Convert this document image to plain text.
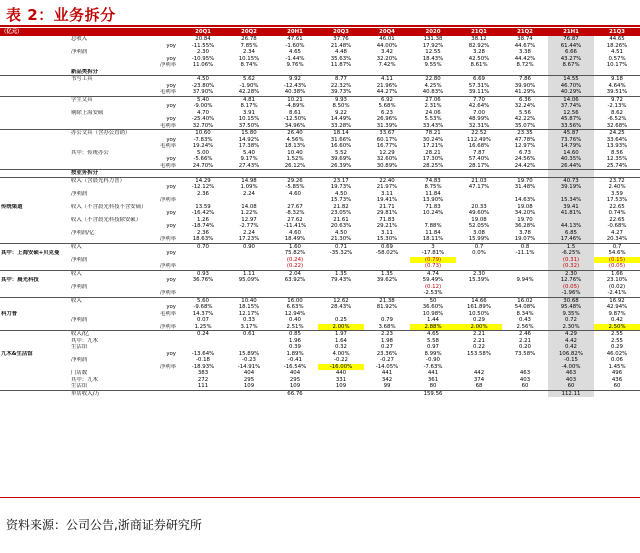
表 2：业务拆分
（亿元）		20Q1	20Q2	20H1	20Q3	20Q4	2020	21Q1	21Q2	21H1	21Q3
	总收入	20.84	26.78	47.61	37.76	46.01	131.38	38.12	38.74	76.87	44.65
	yoy	-11.55%	7.85%	-1.60%	21.48%	44.00%	17.92%	82.92%	44.67%	61.44%	18.26%
	净利润	2.30	2.34	4.65	4.48	3.42	12.55	3.28	3.38	6.66	4.51
	yoy	-10.95%	10.15%	-1.44%	35.63%	32.20%	18.43%	42.50%	44.42%	43.27%	0.57%
	净利率	11.06%	8.74%	9.76%	11.87%	7.42%	9.55%	8.61%	8.72%	8.67%	10.17%
	新品类拆分										
	书写工具	4.50	5.62	9.92	8.77	4.11	22.80	6.69	7.86	14.55	9.18
	yoy	-23.80%	-1.90%	-12.43%	22.32%	21.96%	4.25%	57.31%	39.90%	46.70%	4.64%
	毛利率	37.90%	42.28%	40.38%	39.73%	44.27%	40.83%	39.11%	41.29%	40.29%	39.51%
	学生文具	5.40	4.81	10.21	9.93	6.92	27.06	7.70	6.36	14.06	9.72
	yoy	-9.00%	8.17%	-4.89%	8.50%	5.68%	2.31%	42.64%	32.24%	37.74%	-2.13%
	剔除上海安硕	4.70	3.91	8.61	9.22	6.23	24.06	7.00	5.56	12.56	8.62
	yoy	-25.40%	10.15%	-12.50%	14.49%	26.96%	5.53%	48.99%	42.22%	45.87%	-6.52%
	毛利率	32.70%	37.50%	34.96%	33.28%	31.39%	33.43%	32.31%	35.07%	33.56%	32.68%
	办公文具（含办公直销）	10.60	15.80	26.40	18.14	33.67	78.21	22.52	23.35	45.87	24.25
	yoy	-7.83%	14.92%	4.56%	31.66%	60.17%	30.24%	112.49%	47.78%	73.76%	33.64%
	毛利率	19.24%	17.38%	18.13%	16.60%	16.77%	17.21%	16.68%	12.97%	14.79%	13.93%
	其中：传统办公	5.00	5.40	10.40	5.52	12.29	28.21	7.87	6.73	14.60	8.56
	yoy	-5.66%	9.17%	1.52%	39.69%	32.60%	17.30%	57.40%	24.56%	40.35%	12.35%
	毛利率	24.70%	27.43%	26.12%	26.39%	30.89%	28.25%	28.17%	24.42%	26.44%	25.74%
	按业务拆分										
	收入（含晨光科力普）	14.29	14.98	29.26	23.17	22.40	74.83	21.03	19.70	40.73	23.72
	yoy	-12.12%	1.09%	-5.85%	19.73%	21.97%	8.75%	47.17%	31.48%	39.19%	2.40%
	净利润	2.36	2.24	4.60	4.50	3.11	11.84				3.59
	净利率				15.73%	19.41%	13.90%		14.63%	15.34%	17.53%
传统渠道	收入（不含晨光科技不含安硕）	13.59	14.08	27.67	21.82	21.71	71.83	20.33	19.08	39.41	22.65
	yoy	-16.42%	1.22%	-8.32%	23.05%	29.81%	10.24%	49.60%	34.20%	41.81%	0.74%
	收入（不含晨光科技除安硕）	1.26	12.97	27.62	21.61	71.83		19.08	19.70		22.65
	yoy	-18.74%	-2.77%	-11.41%	20.63%	29.21%	7.88%	52.05%	36.28%	44.13%	-0.68%
	净利润/亿	2.36	2.24	4.60	4.50	3.11	11.84	3.08	3.78	6.85	4.27
	净利率	18.63%	17.23%	18.49%	21.30%	15.30%	18.11%	15.99%	19.07%	17.46%	20.34%
	收入	0.70	0.90	1.60	0.71	0.69	3	0.7	0.8	1.5	0.7
其中：上海安硕+贝克曼	yoy			75.82%	-35.32%	-58.02%	-17.81%	0.0%	-11.1%	-6.25%	54.6%
	净利润			(0.24)			(0.79)			(0.31)	(0.15)
	净利率			(0.22)			(0.73)			(0.32)	(0.05)
	收入	0.93	1.11	2.04	1.35	1.35	4.74	2.30		2.30	1.66
其中：晨光科技	yoy	36.76%	95.09%	63.92%	79.43%	39.62%	59.49%	15.39%	9.94%	12.76%	23.10%
	净利润						(0.12)			(0.05)	(0.02)
	净利率						-2.53%			-1.96%	-2.41%
	收入	5.60	10.40	16.00	12.62	21.38	50	14.66	16.02	30.68	16.92
	yoy	-9.68%	18.15%	6.63%	28.43%	81.92%	36.60%	161.89%	54.08%	95.48%	42.94%
科力普	毛利率	14.37%	12.17%	12.94%			10.98%	10.50%	8.34%	9.35%	9.87%
	净利润	0.07	0.33	0.40	0.25	0.79	1.44	0.29	0.43	0.72	0.42
	净利率	1.25%	3.17%	2.51%	2.00%	3.68%	2.88%	2.00%	2.56%	2.30%	2.50%
	收入/亿	0.24	0.61	0.85	1.97	2.23	4.65	2.21	2.46	4.29	2.55
	其中：九木			1.96	1.64	1.98	5.58	2.21	2.21	4.42	2.55
	生活馆			0.39	0.32	0.27	0.97	0.22	0.20	0.42	0.29
九木&生活馆	yoy	-13.64%	15.89%	1.89%	4.00%	23.36%	8.99%	153.58%	73.58%	106.82%	46.02%
	净利润	-0.18	-0.23	-0.41	-0.22	-0.27	-0.90			-0.15	0.06
	净利率	-18.93%	-14.91%	-16.54%	-16.00%	-14.05%	-7.63%			-4.00%	1.45%
	门店数	383	404	404	440	441	441	442	463	463	496
	其中：九木	272	295	295	331	342	361	374	403	403	436
	生活馆	111	109	109	109	99	80	68	60	60	60
	单店收入/万			66.76			159.56			112.11	
资料来源：公司公告,浙商证券研究所
